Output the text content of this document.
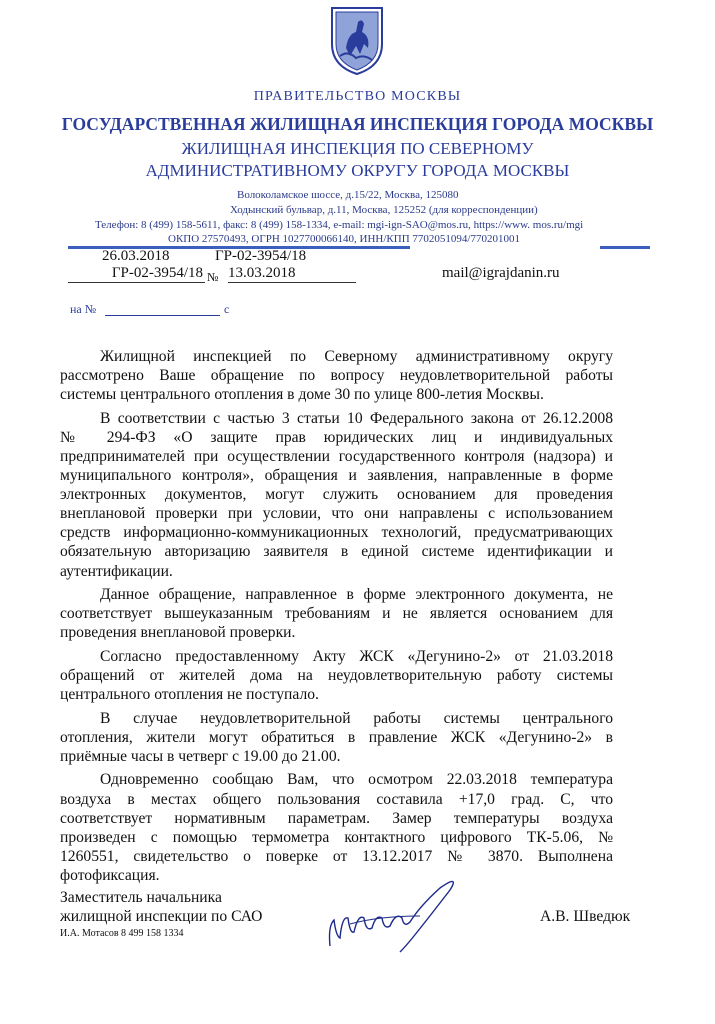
ПРАВИТЕЛЬСТВО МОСКВЫ
ГОСУДАРСТВЕННАЯ ЖИЛИЩНАЯ ИНСПЕКЦИЯ ГОРОДА МОСКВЫ
ЖИЛИЩНАЯ ИНСПЕКЦИЯ ПО СЕВЕРНОМУ
АДМИНИСТРАТИВНОМУ ОКРУГУ ГОРОДА МОСКВЫ
Волоколамское шоссе, д.15/22, Москва, 125080
Ходынский бульвар, д.11, Москва, 125252 (для корреспонденции)
Телефон: 8 (499) 158-5611, факс: 8 (499) 158-1334, e-mail: mgi-ign-SAO@mos.ru, https://www. mos.ru/mgi
ОКПО 27570493, ОГРН 1027700066140, ИНН/КПП 7702051094/770201001
26.03.2018	ГР-02-3954/18
ГР-02-3954/18 № 13.03.2018	mail@igrajdanin.ru
на №	с
Жилищной инспекцией по Северному административному округу
рассмотрено Ваше обращение по вопросу неудовлетворительной работы
системы центрального отопления в доме 30 по улице 800-летия Москвы.
В соответствии с частью 3 статьи 10 Федерального закона от 26.12.2008
№ 294-ФЗ «О защите прав юридических лиц и индивидуальных
предпринимателей при осуществлении государственного контроля (надзора) и
муниципального контроля», обращения и заявления, направленные в форме
электронных документов, могут служить основанием для проведения
внеплановой проверки при условии, что они направлены с использованием
средств информационно-коммуникационных технологий, предусматривающих
обязательную авторизацию заявителя в единой системе идентификации и
аутентификации.
Данное обращение, направленное в форме электронного документа, не
соответствует вышеуказанным требованиям и не является основанием для
проведения внеплановой проверки.
Согласно предоставленному Акту ЖСК «Дегунино-2» от 21.03.2018
обращений от жителей дома на неудовлетворительную работу системы
центрального отопления не поступало.
В случае неудовлетворительной работы системы центрального
отопления, жители могут обратиться в правление ЖСК «Дегунино-2» в
приёмные часы в четверг с 19.00 до 21.00.
Одновременно сообщаю Вам, что осмотром 22.03.2018 температура
воздуха в местах общего пользования составила +17,0 град. С, что
соответствует нормативным параметрам. Замер температуры воздуха
произведен с помощью термометра контактного цифрового ТК-5.06, №
1260551, свидетельство о поверке от 13.12.2017 № 3870. Выполнена
фотофиксация.
Заместитель начальника
жилищной инспекции по САО
И.А. Мотасов 8 499 158 1334
А.В. Шведюк
